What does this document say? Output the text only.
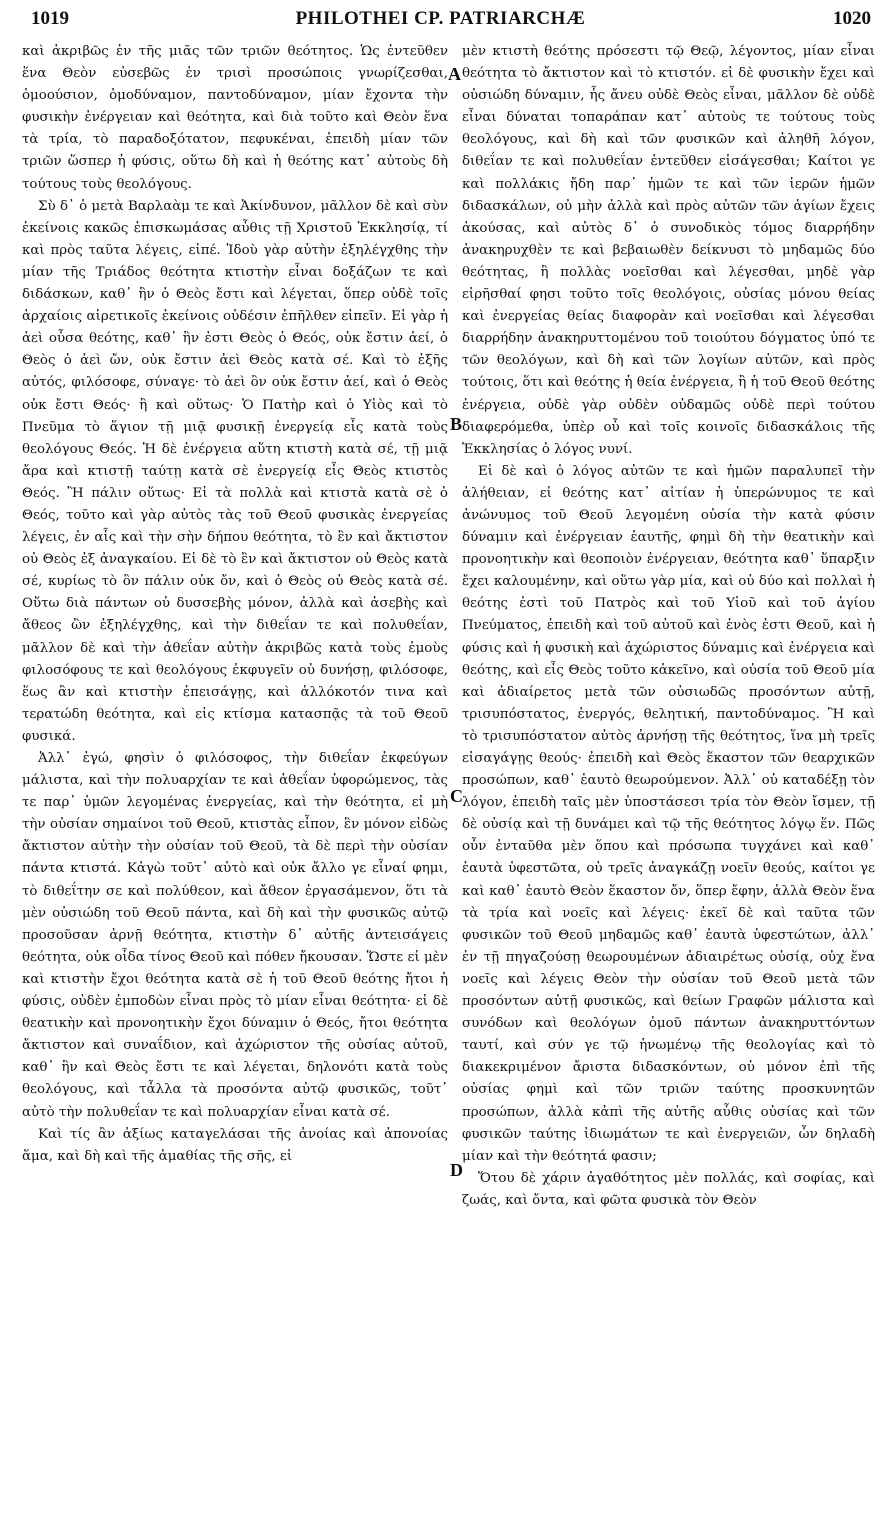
1019	PHILOTHEI CP. PATRIARCHÆ	1020

καὶ ἀκριβῶς ἐν τῆς μιᾶς τῶν τριῶν θεότητος. Ὡς ἐντεῦθεν ἕνα Θεὸν εὐσεβῶς ἐν τρισὶ προσώποις γνωρίζεσθαι, ὁμοούσιον, ὁμοδύναμον, παντοδύναμον, μίαν ἔχοντα τὴν φυσικὴν ἐνέργειαν καὶ θεότητα, καὶ διὰ τοῦτο καὶ Θεὸν ἕνα τὰ τρία, τὸ παραδοξότατον, πεφυκέναι, ἐπειδὴ μίαν τῶν τριῶν ὥσπερ ἡ φύσις, οὕτω δὴ καὶ ἡ θεότης κατ᾽ αὐτοὺς δὴ τούτους τοὺς θεολόγους.

Σὺ δ᾽ ὁ μετὰ Βαρλαὰμ τε καὶ Ἀκίνδυνον, μᾶλλον δὲ καὶ σὺν ἐκείνοις κακῶς ἐπισκωμάσας αὖθις τῇ Χριστοῦ Ἐκκλησίᾳ, τί καὶ πρὸς ταῦτα λέγεις, εἰπέ. Ἰδοὺ γὰρ αὐτὴν ἐξηλέγχθης τὴν μίαν τῆς Τριάδος θεότητα κτιστὴν εἶναι δοξάζων τε καὶ διδάσκων, καθ᾽ ἣν ὁ Θεὸς ἔστι καὶ λέγεται, ὅπερ οὐδὲ τοῖς ἀρχαίοις αἱρετικοῖς ἐκείνοις οὐδέσιν ἐπῆλθεν εἰπεῖν. Εἰ γὰρ ἡ ἀεὶ οὖσα θεότης, καθ᾽ ἣν ἐστι Θεὸς ὁ Θεός, οὐκ ἔστιν ἀεί, ὁ Θεὸς ὁ ἀεὶ ὤν, οὐκ ἔστιν ἀεὶ Θεὸς κατὰ σέ. Καὶ τὸ ἑξῆς αὐτός, φιλόσοφε, σύναγε· τὸ ἀεὶ ὂν οὐκ ἔστιν ἀεί, καὶ ὁ Θεὸς οὐκ ἔστι Θεός· ἢ καὶ οὕτως· Ὁ Πατὴρ καὶ ὁ Υἱὸς καὶ τὸ Πνεῦμα τὸ ἅγιον τῇ μιᾷ φυσικῇ ἐνεργείᾳ εἷς κατὰ τοὺς θεολόγους Θεός. Ἡ δὲ ἐνέργεια αὕτη κτιστὴ κατὰ σέ, τῇ μιᾷ ἄρα καὶ κτιστῇ ταύτῃ κατὰ σὲ ἐνεργείᾳ εἷς Θεὸς κτιστὸς Θεός. Ἢ πάλιν οὕτως· Εἰ τὰ πολλὰ καὶ κτιστὰ κατὰ σὲ ὁ Θεός, τοῦτο καὶ γὰρ αὐτὸς τὰς τοῦ Θεοῦ φυσικὰς ἐνεργείας λέγεις, ἐν αἷς καὶ τὴν σὴν δήπου θεότητα, τὸ ἓν καὶ ἄκτιστον οὐ Θεὸς ἐξ ἀναγκαίου. Εἰ δὲ τὸ ἓν καὶ ἄκτιστον οὐ Θεὸς κατὰ σέ, κυρίως τὸ ὂν πάλιν οὐκ ὄν, καὶ ὁ Θεὸς οὐ Θεὸς κατὰ σέ. Οὕτω διὰ πάντων οὐ δυσσεβὴς μόνον, ἀλλὰ καὶ ἀσεβὴς καὶ ἄθεος ὢν ἐξηλέγχθης, καὶ τὴν διθεΐαν τε καὶ πολυθεΐαν, μᾶλλον δὲ καὶ τὴν ἀθεΐαν αὐτὴν ἀκριβῶς κατὰ τοὺς ἐμοὺς φιλοσόφους τε καὶ θεολόγους ἐκφυγεῖν οὐ δυνήσῃ, φιλόσοφε, ἕως ἂν καὶ κτιστὴν ἐπεισάγῃς, καὶ ἀλλόκοτόν τινα καὶ τερατώδη θεότητα, καὶ εἰς κτίσμα κατασπᾷς τὰ τοῦ Θεοῦ φυσικά.

Ἀλλ᾽ ἐγώ, φησὶν ὁ φιλόσοφος, τὴν διθεΐαν ἐκφεύγων μάλιστα, καὶ τὴν πολυαρχίαν τε καὶ ἀθεΐαν ὑφορώμενος, τὰς τε παρ᾽ ὑμῶν λεγομένας ἐνεργείας, καὶ τὴν θεότητα, εἰ μὴ τὴν οὐσίαν σημαίνοι τοῦ Θεοῦ, κτιστὰς εἶπον, ἓν μόνον εἰδὼς ἄκτιστον αὐτὴν τὴν οὐσίαν τοῦ Θεοῦ, τὰ δὲ περὶ τὴν οὐσίαν πάντα κτιστά. Κἀγὼ τοῦτ᾽ αὐτὸ καὶ οὐκ ἄλλο γε εἶναί φημι, τὸ διθεΐτην σε καὶ πολύθεον, καὶ ἄθεον ἐργασάμενον, ὅτι τὰ μὲν οὐσιώδη τοῦ Θεοῦ πάντα, καὶ δὴ καὶ τὴν φυσικῶς αὐτῷ προσοῦσαν ἀρνῇ θεότητα, κτιστὴν δ᾽ αὐτῆς ἀντεισάγεις θεότητα, οὐκ οἶδα τίνος Θεοῦ καὶ πόθεν ἤκουσαν. Ὥστε εἰ μὲν καὶ κτιστὴν ἔχοι θεότητα κατὰ σὲ ἡ τοῦ Θεοῦ θεότης ἤτοι ἡ φύσις, οὐδὲν ἐμποδὼν εἶναι πρὸς τὸ μίαν εἶναι θεότητα· εἰ δὲ θεατικὴν καὶ προνοητικὴν ἔχοι δύναμιν ὁ Θεός, ἤτοι θεότητα ἄκτιστον καὶ συναΐδιον, καὶ ἀχώριστον τῆς οὐσίας αὐτοῦ, καθ᾽ ἣν καὶ Θεὸς ἔστι τε καὶ λέγεται, δηλονότι κατὰ τοὺς θεολόγους, καὶ τἆλλα τὰ προσόντα αὐτῷ φυσικῶς, τοῦτ᾽ αὐτὸ τὴν πολυθεΐαν τε καὶ πολυαρχίαν εἶναι κατὰ σέ.

Καὶ τίς ἂν ἀξίως καταγελάσαι τῆς ἀνοίας καὶ ἀπονοίας ἅμα, καὶ δὴ καὶ τῆς ἀμαθίας τῆς σῆς, εἰ

μὲν κτιστὴ θεότης πρόσεστι τῷ Θεῷ, λέγοντος, μίαν εἶναι θεότητα τὸ ἄκτιστον καὶ τὸ κτιστόν. εἰ δὲ φυσικὴν ἔχει καὶ οὐσιώδη δύναμιν, ἧς ἄνευ οὐδὲ Θεὸς εἶναι, μᾶλλον δὲ οὐδὲ εἶναι δύναται τοπαράπαν κατ᾽ αὐτοὺς τε τούτους τοὺς θεολόγους, καὶ δὴ καὶ τῶν φυσικῶν καὶ ἀληθῆ λόγον, διθεΐαν τε καὶ πολυθεΐαν ἐντεῦθεν εἰσάγεσθαι; Καίτοι γε καὶ πολλάκις ἤδη παρ᾽ ἡμῶν τε καὶ τῶν ἱερῶν ἡμῶν διδασκάλων, οὐ μὴν ἀλλὰ καὶ πρὸς αὐτῶν τῶν ἁγίων ἔχεις ἀκούσας, καὶ αὐτὸς δ᾽ ὁ συνοδικὸς τόμος διαρρήδην ἀνακηρυχθὲν τε καὶ βεβαιωθὲν δείκνυσι τὸ μηδαμῶς δύο θεότητας, ἢ πολλὰς νοεῖσθαι καὶ λέγεσθαι, μηδὲ γὰρ εἰρῆσθαί φησι τοῦτο τοῖς θεολόγοις, οὐσίας μόνου θείας καὶ ἐνεργείας θείας διαφορὰν καὶ νοεῖσθαι καὶ λέγεσθαι διαρρήδην ἀνακηρυττομένου τοῦ τοιούτου δόγματος ὑπό τε τῶν θεολόγων, καὶ δὴ καὶ τῶν λογίων αὐτῶν, καὶ πρὸς τούτοις, ὅτι καὶ θεότης ἡ θεία ἐνέργεια, ἢ ἡ τοῦ Θεοῦ θεότης ἐνέργεια, οὐδὲ γὰρ οὐδὲν οὐδαμῶς οὐδὲ περὶ τούτου διαφερόμεθα, ὑπὲρ οὗ καὶ τοῖς κοινοῖς διδασκάλοις τῆς Ἐκκλησίας ὁ λόγος νυνί.

Εἰ δὲ καὶ ὁ λόγος αὐτῶν τε καὶ ἡμῶν παραλυπεῖ τὴν ἀλήθειαν, εἰ θεότης κατ᾽ αἰτίαν ἡ ὑπερώνυμος τε καὶ ἀνώνυμος τοῦ Θεοῦ λεγομένη οὐσία τὴν κατὰ φύσιν δύναμιν καὶ ἐνέργειαν ἑαυτῆς, φημὶ δὴ τὴν θεατικὴν καὶ προνοητικὴν καὶ θεοποιὸν ἐνέργειαν, θεότητα καθ᾽ ὕπαρξιν ἔχει καλουμένην, καὶ οὕτω γὰρ μία, καὶ οὐ δύο καὶ πολλαὶ ἡ θεότης ἐστὶ τοῦ Πατρὸς καὶ τοῦ Υἱοῦ καὶ τοῦ ἁγίου Πνεύματος, ἐπειδὴ καὶ τοῦ αὐτοῦ καὶ ἑνὸς ἐστι Θεοῦ, καὶ ἡ φύσις καὶ ἡ φυσικὴ καὶ ἀχώριστος δύναμις καὶ ἐνέργεια καὶ θεότης, καὶ εἷς Θεὸς τοῦτο κἀκεῖνο, καὶ οὐσία τοῦ Θεοῦ μία καὶ ἀδιαίρετος μετὰ τῶν οὐσιωδῶς προσόντων αὐτῇ, τρισυπόστατος, ἐνεργός, θελητική, παντοδύναμος. Ἣ καὶ τὸ τρισυπόστατον αὐτὸς ἀρνήσῃ τῆς θεότητος, ἵνα μὴ τρεῖς εἰσαγάγῃς θεούς· ἐπειδὴ καὶ Θεὸς ἕκαστον τῶν θεαρχικῶν προσώπων, καθ᾽ ἑαυτὸ θεωρούμενον. Ἀλλ᾽ οὐ καταδέξῃ τὸν λόγον, ἐπειδὴ ταῖς μὲν ὑποστάσεσι τρία τὸν Θεὸν ἴσμεν, τῇ δὲ οὐσίᾳ καὶ τῇ δυνάμει καὶ τῷ τῆς θεότητος λόγῳ ἕν. Πῶς οὖν ἐνταῦθα μὲν ὅπου καὶ πρόσωπα τυγχάνει καὶ καθ᾽ ἑαυτὰ ὑφεστῶτα, οὐ τρεῖς ἀναγκάζῃ νοεῖν θεούς, καίτοι γε καὶ καθ᾽ ἑαυτὸ Θεὸν ἕκαστον ὄν, ὅπερ ἔφην, ἀλλὰ Θεὸν ἕνα τὰ τρία καὶ νοεῖς καὶ λέγεις· ἐκεῖ δὲ καὶ ταῦτα τῶν φυσικῶν τοῦ Θεοῦ μηδαμῶς καθ᾽ ἑαυτὰ ὑφεστώτων, ἀλλ᾽ ἐν τῇ πηγαζούσῃ θεωρουμένων ἀδιαιρέτως οὐσίᾳ, οὐχ ἕνα νοεῖς καὶ λέγεις Θεὸν τὴν οὐσίαν τοῦ Θεοῦ μετὰ τῶν προσόντων αὐτῇ φυσικῶς, καὶ θείων Γραφῶν μάλιστα καὶ συνόδων καὶ θεολόγων ὁμοῦ πάντων ἀνακηρυττόντων ταυτί, καὶ σύν γε τῷ ἡνωμένῳ τῆς θεολογίας καὶ τὸ διακεκριμένον ἄριστα διδασκόντων, οὐ μόνον ἐπὶ τῆς οὐσίας φημὶ καὶ τῶν τριῶν ταύτης προσκυνητῶν προσώπων, ἀλλὰ κἀπὶ τῆς αὐτῆς αὖθις οὐσίας καὶ τῶν φυσικῶν ταύτης ἰδιωμάτων τε καὶ ἐνεργειῶν, ὧν δηλαδὴ μίαν καὶ τὴν θεότητά φασιν;

Ὅτου δὲ χάριν ἀγαθότητος μὲν πολλάς, καὶ σοφίας, καὶ ζωάς, καὶ ὄντα, καὶ φῶτα φυσικὰ τὸν Θεὸν

A
B
C
D
